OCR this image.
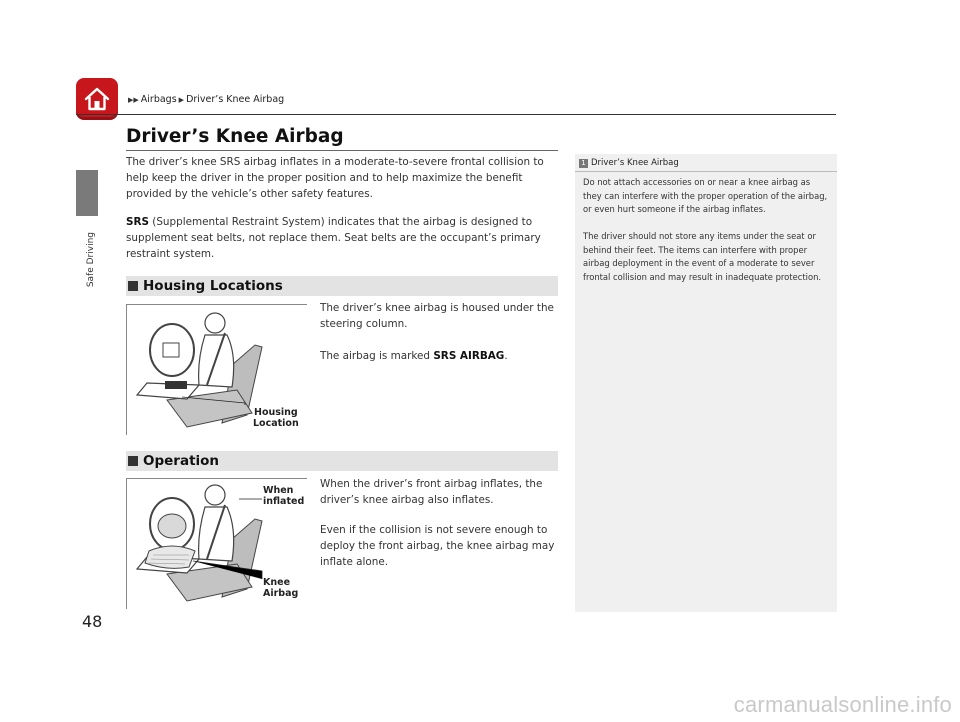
▶▶ Airbags ▶ Driver’s Knee Airbag
Safe Driving
48
Driver’s Knee Airbag

The driver’s knee SRS airbag inflates in a moderate-to-severe frontal collision to help keep the driver in the proper position and to help maximize the benefit provided by the vehicle’s other safety features.

SRS (Supplemental Restraint System) indicates that the airbag is designed to supplement seat belts, not replace them. Seat belts are the occupant’s primary restraint system.

Housing Locations
Housing
Location

The driver’s knee airbag is housed under the steering column.

The airbag is marked SRS AIRBAG.

Operation
When
inflated
Knee
Airbag

When the driver’s front airbag inflates, the driver’s knee airbag also inflates.

Even if the collision is not severe enough to deploy the front airbag, the knee airbag may inflate alone.

1 Driver’s Knee Airbag

Do not attach accessories on or near a knee airbag as they can interfere with the proper operation of the airbag, or even hurt someone if the airbag inflates.

The driver should not store any items under the seat or behind their feet. The items can interfere with proper airbag deployment in the event of a moderate to sever frontal collision and may result in inadequate protection.

carmanualsonline.info
